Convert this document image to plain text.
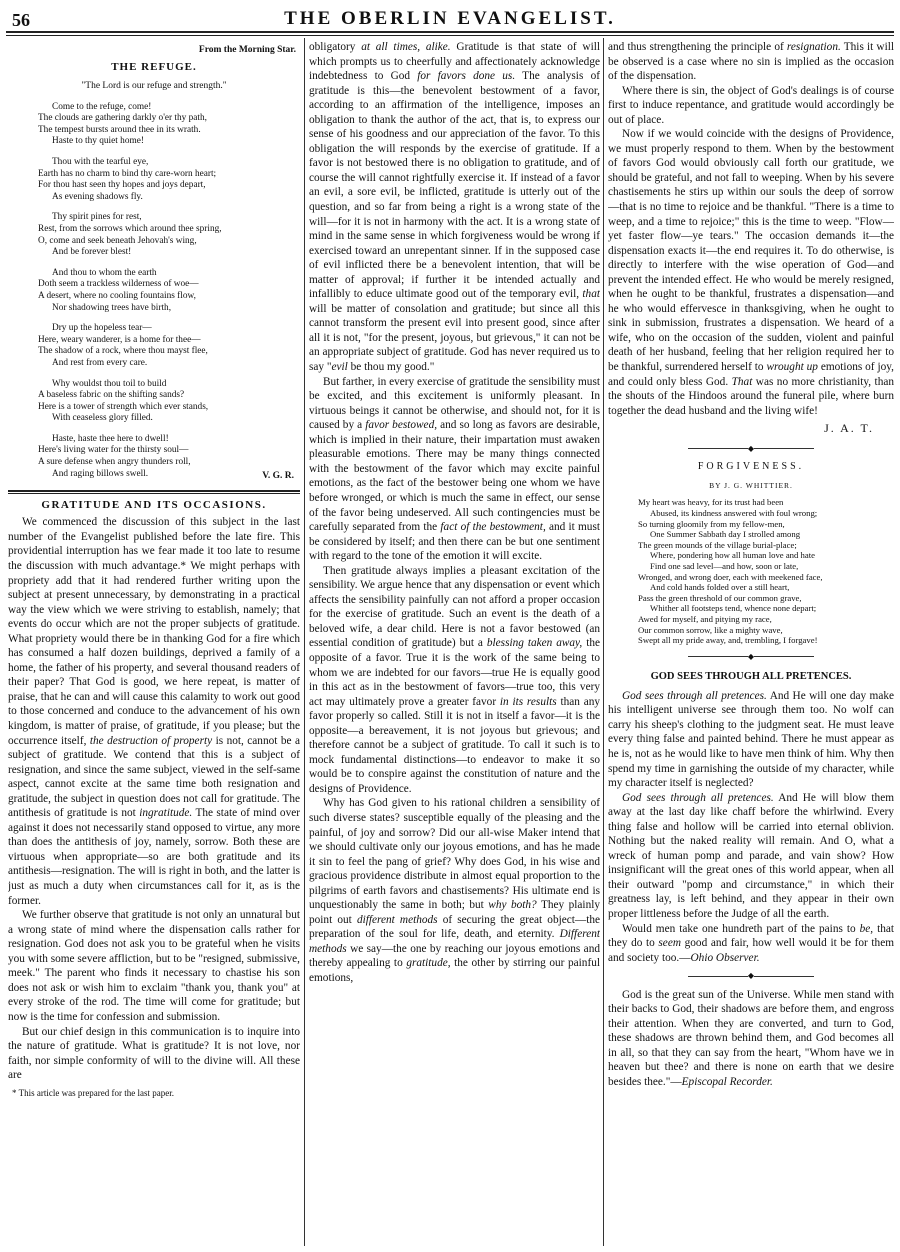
56	THE OBERLIN EVANGELIST.
From the Morning Star.
THE REFUGE.
"The Lord is our refuge and strength."
Come to the refuge, come!
The clouds are gathering darkly o'er thy path,
The tempest bursts around thee in its wrath.
Haste to thy quiet home!
Thou with the tearful eye,
Earth has no charm to bind thy care-worn heart;
For thou hast seen thy hopes and joys depart,
As evening shadows fly.
Thy spirit pines for rest,
Rest, from the sorrows which around thee spring,
O, come and seek beneath Jehovah's wing,
And be forever blest!
And thou to whom the earth
Doth seem a trackless wilderness of woe—
A desert, where no cooling fountains flow,
Nor shadowing trees have birth,
Dry up the hopeless tear—
Here, weary wanderer, is a home for thee—
The shadow of a rock, where thou mayst flee,
And rest from every care.
Why wouldst thou toil to build
A baseless fabric on the shifting sands?
Here is a tower of strength which ever stands,
With ceaseless glory filled.
Haste, haste thee here to dwell!
Here's living water for the thirsty soul—
A sure defense when angry thunders roll,
And raging billows swell.	V. G. R.
GRATITUDE AND ITS OCCASIONS.

We commenced the discussion of this subject in the last number of the Evangelist published before the late fire. This providential interruption has we fear made it too late to resume the discussion with much advantage.* We might perhaps with propriety add that it had rendered further writing upon the subject at present unnecessary, by demonstrating in a practical way the view which we were striving to establish, namely; that events do occur which are not the proper subjects of gratitude. What propriety would there be in thanking God for a fire which has consumed a half dozen buildings, deprived a family of a home, the father of his property, and several thousand readers of their paper? That God is good, we here repeat, is matter of praise, that he can and will cause this calamity to work out good to those concerned and conduce to the advancement of his own kingdom, is matter of praise, of gratitude, if you please; but the occurrence itself, the destruction of property is not, cannot be a subject of gratitude. We contend that this is a subject of resignation, and since the same subject, viewed in the self-same aspect, cannot excite at the same time both resignation and gratitude, the subject in question does not call for gratitude. The antithesis of gratitude is not ingratitude. The state of mind over against it does not necessarily stand opposed to virtue, any more than does the antithesis of joy, namely, sorrow. Both these are virtuous when appropriate—so are both gratitude and its antithesis—resignation. The will is right in both, and the latter is just as much a duty when circumstances call for it, as is the former.

We further observe that gratitude is not only an unnatural but a wrong state of mind where the dispensation calls rather for resignation. God does not ask you to be grateful when he visits you with some severe affliction, but to be "resigned, submissive, meek." The parent who finds it necessary to chastise his son does not ask or wish him to exclaim "thank you, thank you" at every stroke of the rod. The time will come for gratitude; but now is the time for confession and submission.

But our chief design in this communication is to inquire into the nature of gratitude. What is gratitude? It is not love, nor faith, nor simple conformity of will to the divine will. All these are

* This article was prepared for the last paper.

obligatory at all times, alike. Gratitude is that state of will which prompts us to cheerfully and affectionately acknowledge indebtedness to God for favors done us. The analysis of gratitude is this—the benevolent bestowment of a favor, according to an affirmation of the intelligence, imposes an obligation to thank the author of the act, that is, to express our sense of his goodness and our appreciation of the favor. To this obligation the will responds by the exercise of gratitude. If a favor is not bestowed there is no obligation to gratitude, and of course the will cannot rightfully exercise it. If instead of a favor an evil, a sore evil, be inflicted, gratitude is utterly out of the question, and so far from being a right is a wrong state of the will—for it is not in harmony with the act. It is a wrong state of mind in the same sense in which forgiveness would be wrong if exercised toward an unrepentant sinner. If in the supposed case of evil inflicted there be a benevolent intention, that will be matter of approval; if further it be intended actually and infallibly to educe ultimate good out of the temporary evil, that will be matter of consolation and gratitude; but since all this cannot transform the present evil into present good, since after all it is not, "for the present, joyous, but grievous," it can not be an appropriate subject of gratitude. God has never required us to say "evil be thou my good."

But farther, in every exercise of gratitude the sensibility must be excited, and this excitement is uniformly pleasant. In virtuous beings it cannot be otherwise, and should not, for it is caused by a favor bestowed, and so long as favors are desirable, which is implied in their nature, their impartation must awaken pleasurable emotions. There may be many things connected with the bestowment of the favor which may excite painful emotions, as the fact of the bestower being one whom we have before wronged, or which is much the same in effect, our sense of the favor being undeserved. All such contingencies must be carefully separated from the fact of the bestowment, and it must be considered by itself; and then there can be but one sentiment with regard to the tone of the emotion it will excite.

Then gratitude always implies a pleasant excitation of the sensibility. We argue hence that any dispensation or event which affects the sensibility painfully can not afford a proper occasion for the exercise of gratitude. Such an event is the death of a beloved wife, a dear child. Here is not a favor bestowed (an essential condition of gratitude) but a blessing taken away, the opposite of a favor. True it is the work of the same being to whom we are indebted for our favors—true He is equally good in this act as in the bestowment of favors—true too, this very act may ultimately prove a greater favor in its results than any favor properly so called. Still it is not in itself a favor—it is the opposite—a bereavement, it is not joyous but grievous; and therefore cannot be a subject of gratitude. To call it such is to mock fundamental distinctions—to endeavor to make it so would be to conspire against the constitution of nature and the designs of Providence.

Why has God given to his rational children a sensibility of such diverse states? susceptible equally of the pleasing and the painful, of joy and sorrow? Did our all-wise Maker intend that we should cultivate only our joyous emotions, and has he made it sin to feel the pang of grief? Why does God, in his wise and gracious providence distribute in almost equal proportion to the pilgrims of earth favors and chastisements? His ultimate end is unquestionably the same in both; but why both? They plainly point out different methods of securing the great object—the preparation of the soul for life, death, and eternity. Different methods we say—the one by reaching our joyous emotions and thereby appealing to gratitude, the other by stirring our painful emotions,

and thus strengthening the principle of resignation. This it will be observed is a case where no sin is implied as the occasion of the dispensation.

Where there is sin, the object of God's dealings is of course first to induce repentance, and gratitude would accordingly be out of place.

Now if we would coincide with the designs of Providence, we must properly respond to them. When by the bestowment of favors God would obviously call forth our gratitude, we should be grateful, and not fall to weeping. When by his severe chastisements he stirs up within our souls the deep of sorrow—that is no time to rejoice and be thankful. "There is a time to weep, and a time to rejoice;" this is the time to weep. "Flow—yet faster flow—ye tears." The occasion demands it—the dispensation exacts it—the end requires it. To do otherwise, is directly to interfere with the wise operation of God—and prevent the intended effect. He who would be merely resigned, when he ought to be thankful, frustrates a dispensation—and he who would effervesce in thanksgiving, when he ought to sink in submission, frustrates a dispensation. We heard of a wife, who on the occasion of the sudden, violent and painful death of her husband, feeling that her religion required her to be thankful, surrendered herself to wrought up emotions of joy, and could only bless God. That was no more christianity, than the shouts of the Hindoos around the funeral pile, where burn together the dead husband and the living wife!

J. A. T.
◆
FORGIVENESS.
BY J. G. WHITTIER.
My heart was heavy, for its trust had been
Abused, its kindness answered with foul wrong;
So turning gloomily from my fellow-men,
One Summer Sabbath day I strolled among
The green mounds of the village burial-place;
Where, pondering how all human love and hate
Find one sad level—and how, soon or late,
Wronged, and wrong doer, each with meekened face,
And cold hands folded over a still heart,
Pass the green threshold of our common grave,
Whither all footsteps tend, whence none depart;
Awed for myself, and pitying my race,
Our common sorrow, like a mighty wave,
Swept all my pride away, and, trembling, I forgave!
◆
GOD SEES THROUGH ALL PRETENCES.

God sees through all pretences. And He will one day make his intelligent universe see through them too. No wolf can carry his sheep's clothing to the judgment seat. He must leave every thing false and painted behind. There he must appear as he is, not as he would like to have men think of him. Why then spend my time in garnishing the outside of my character, while my character itself is neglected?

God sees through all pretences. And He will blow them away at the last day like chaff before the whirlwind. Every thing false and hollow will be carried into eternal oblivion. Nothing but the naked reality will remain. And O, what a wreck of human pomp and parade, and vain show? How insignificant will the great ones of this world appear, when all their outward "pomp and circumstance," in which their greatness lay, is left behind, and they appear in their own proper littleness before the Judge of all the earth.

Would men take one hundreth part of the pains to be, that they do to seem good and fair, how well would it be for them and society too.—Ohio Observer.

◆

God is the great sun of the Universe. While men stand with their backs to God, their shadows are before them, and engross their attention. When they are converted, and turn to God, these shadows are thrown behind them, and God becomes all in all, so that they can say from the heart, "Whom have we in heaven but thee? and there is none on earth that we desire besides thee."—Episcopal Recorder.
